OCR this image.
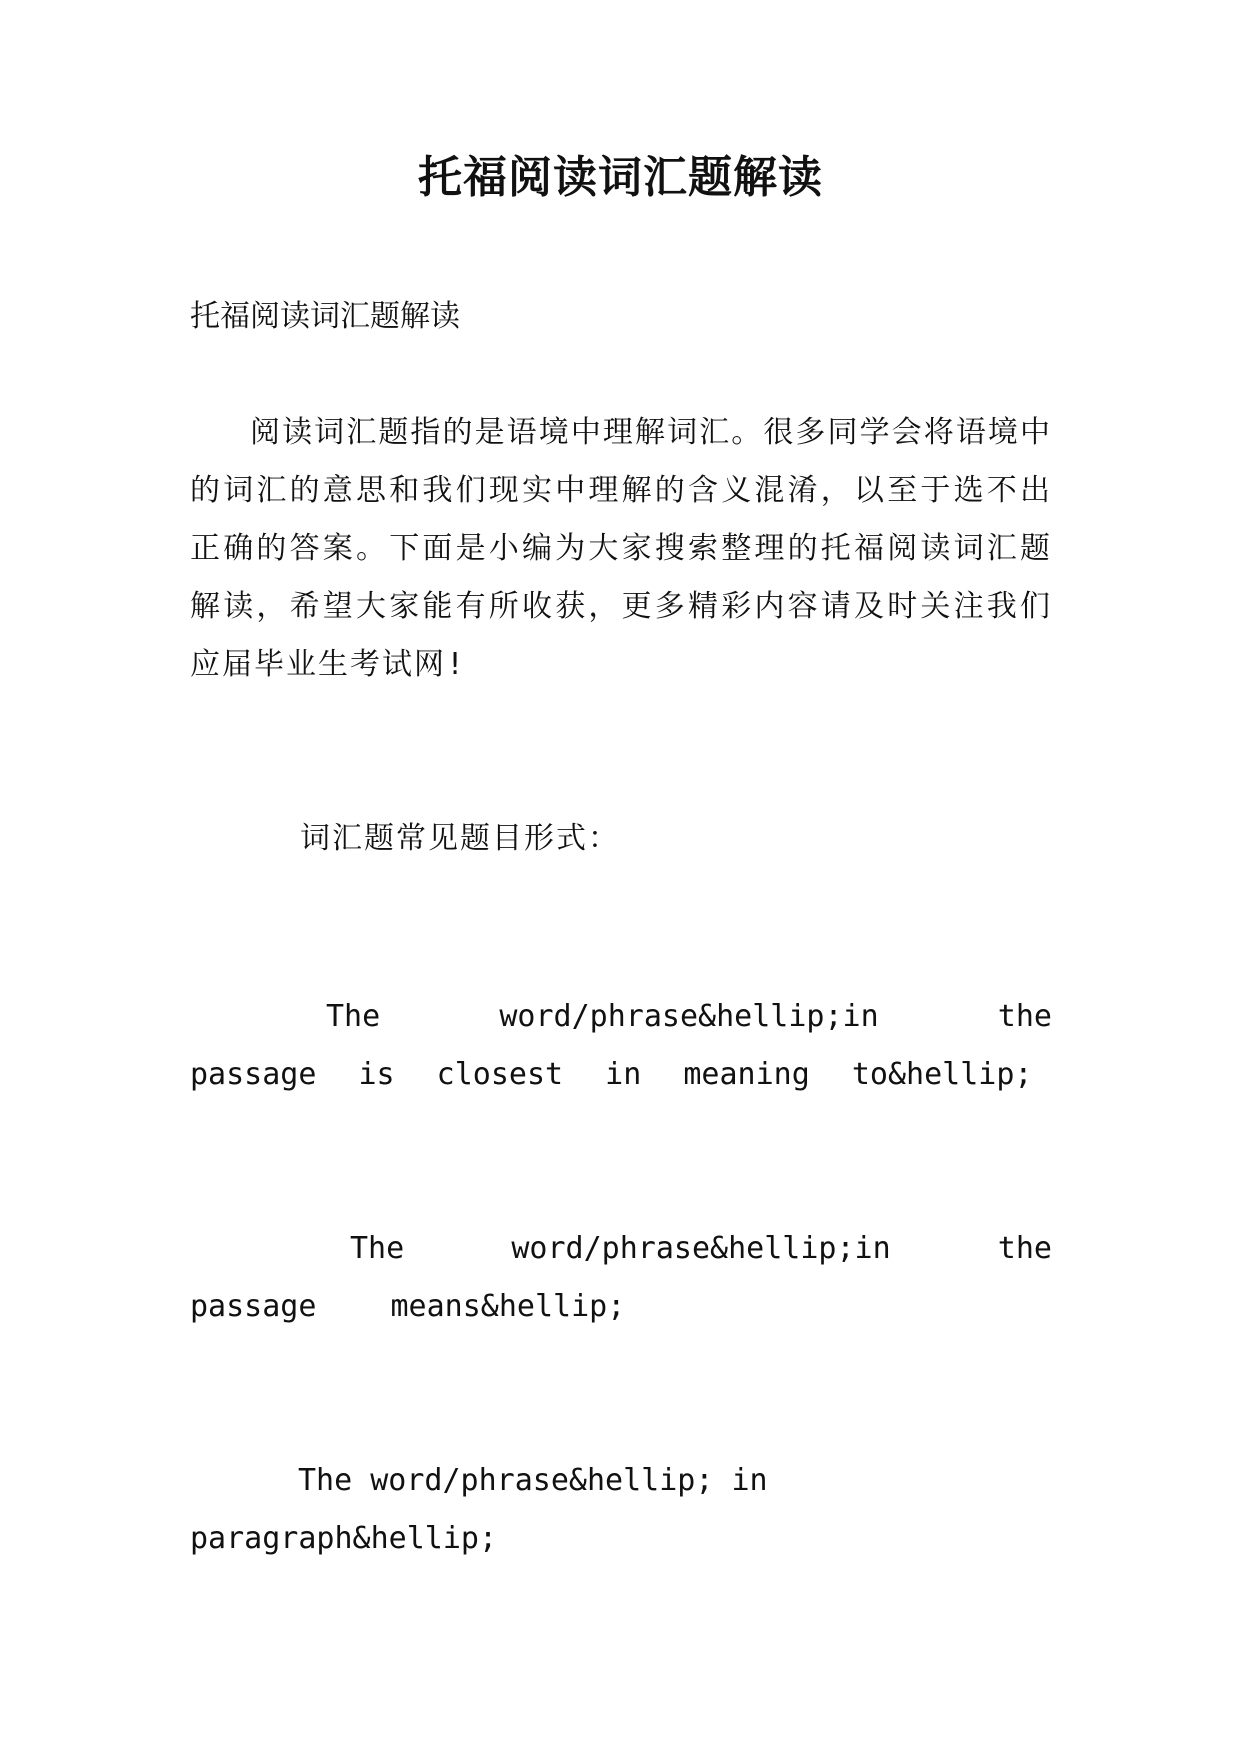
托福阅读词汇题解读

托福阅读词汇题解读

阅读词汇题指的是语境中理解词汇。很多同学会将语境中的词汇的意思和我们现实中理解的含义混淆，以至于选不出正确的答案。下面是小编为大家搜索整理的托福阅读词汇题解读，希望大家能有所收获，更多精彩内容请及时关注我们应届毕业生考试网!

词汇题常见题目形式：

The word/phrase&hellip;in the passage is closest in meaning to&hellip;

The word/phrase&hellip;in the passage means&hellip;

The word/phrase&hellip; in paragraph&hellip;
